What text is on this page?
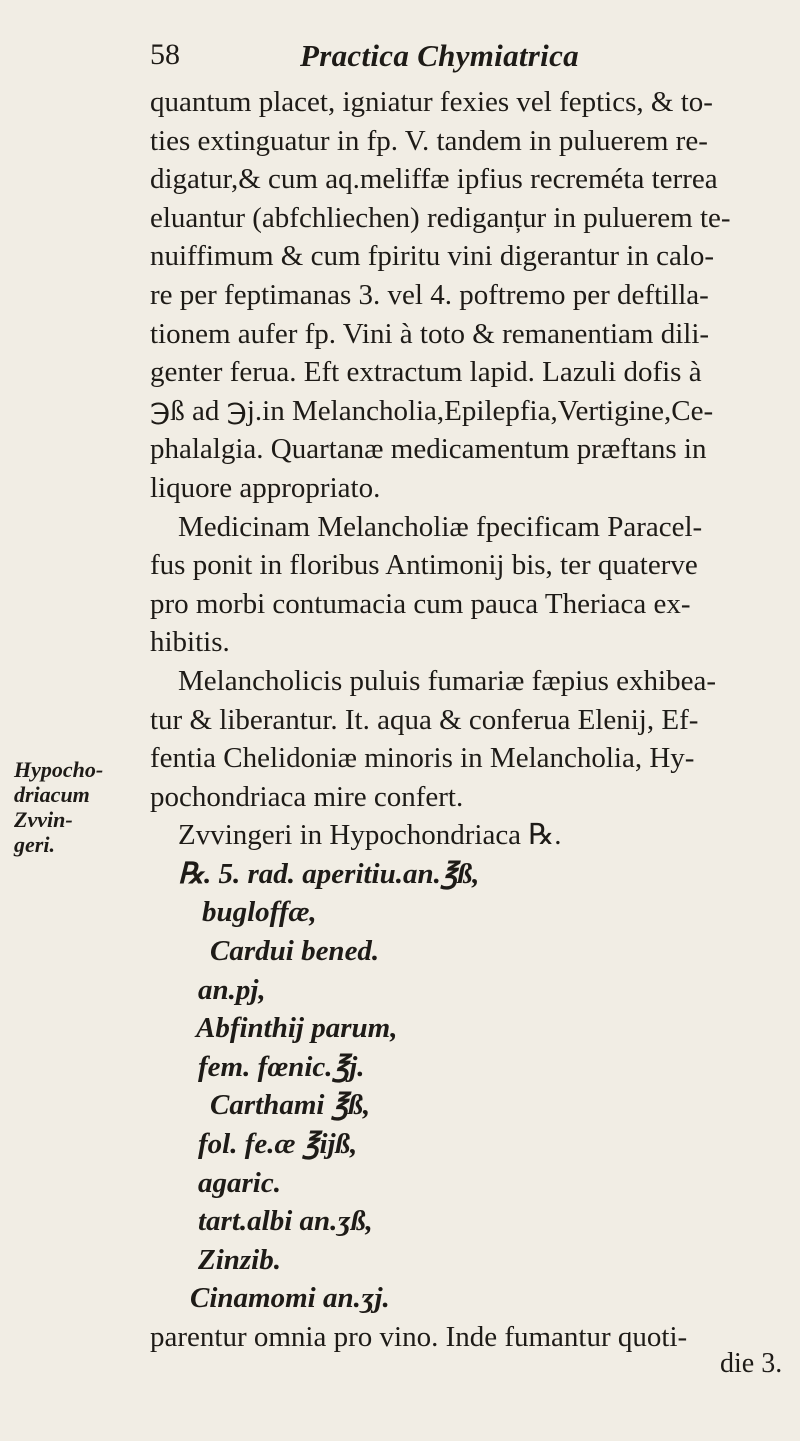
58	Practica Chymiatrica
Hypocho-
driacum
Zvvin-
geri.
quantum placet, igniatur fexies vel feptics, & to-
ties extinguatur in fp. V. tandem in puluerem re-
digatur,& cum aq.meliffæ ipfius recreméta terrea
eluantur (abfchliechen) rediganțur in puluerem te-
nuiffimum & cum fpiritu vini digerantur in calo-
re per feptimanas 3. vel 4. poftremo per deftilla-
tionem aufer fp. Vini à toto & remanentiam dili-
genter ferua. Eft extractum lapid. Lazuli dofis à
℈ß ad ℈j.in Melancholia,Epilepfia,Vertigine,Ce-
phalalgia. Quartanæ medicamentum præftans in
liquore appropriato.
Medicinam Melancholiæ fpecificam Paracel-
fus ponit in floribus Antimonij bis, ter quaterve
pro morbi contumacia cum pauca Theriaca ex-
hibitis.
Melancholicis puluis fumariæ fæpius exhibea-
tur & liberantur. It. aqua & conferua Elenij, Ef-
fentia Chelidoniæ minoris in Melancholia, Hy-
pochondriaca mire confert.
Zvvingeri in Hypochondriaca ℞.
℞. 5. rad. aperitiu.an.℥ß,
bugloffæ,
Cardui bened.
an.pj,
Abfinthij parum,
fem. fœnic.℥j.
Carthami ℥ß,
fol. fe.æ ℥ijß,
agaric.
tart.albi an.ʒß,
Zinzib.
Cinamomi an.ʒj.
parentur omnia pro vino. Inde fumantur quoti-
die 3.
